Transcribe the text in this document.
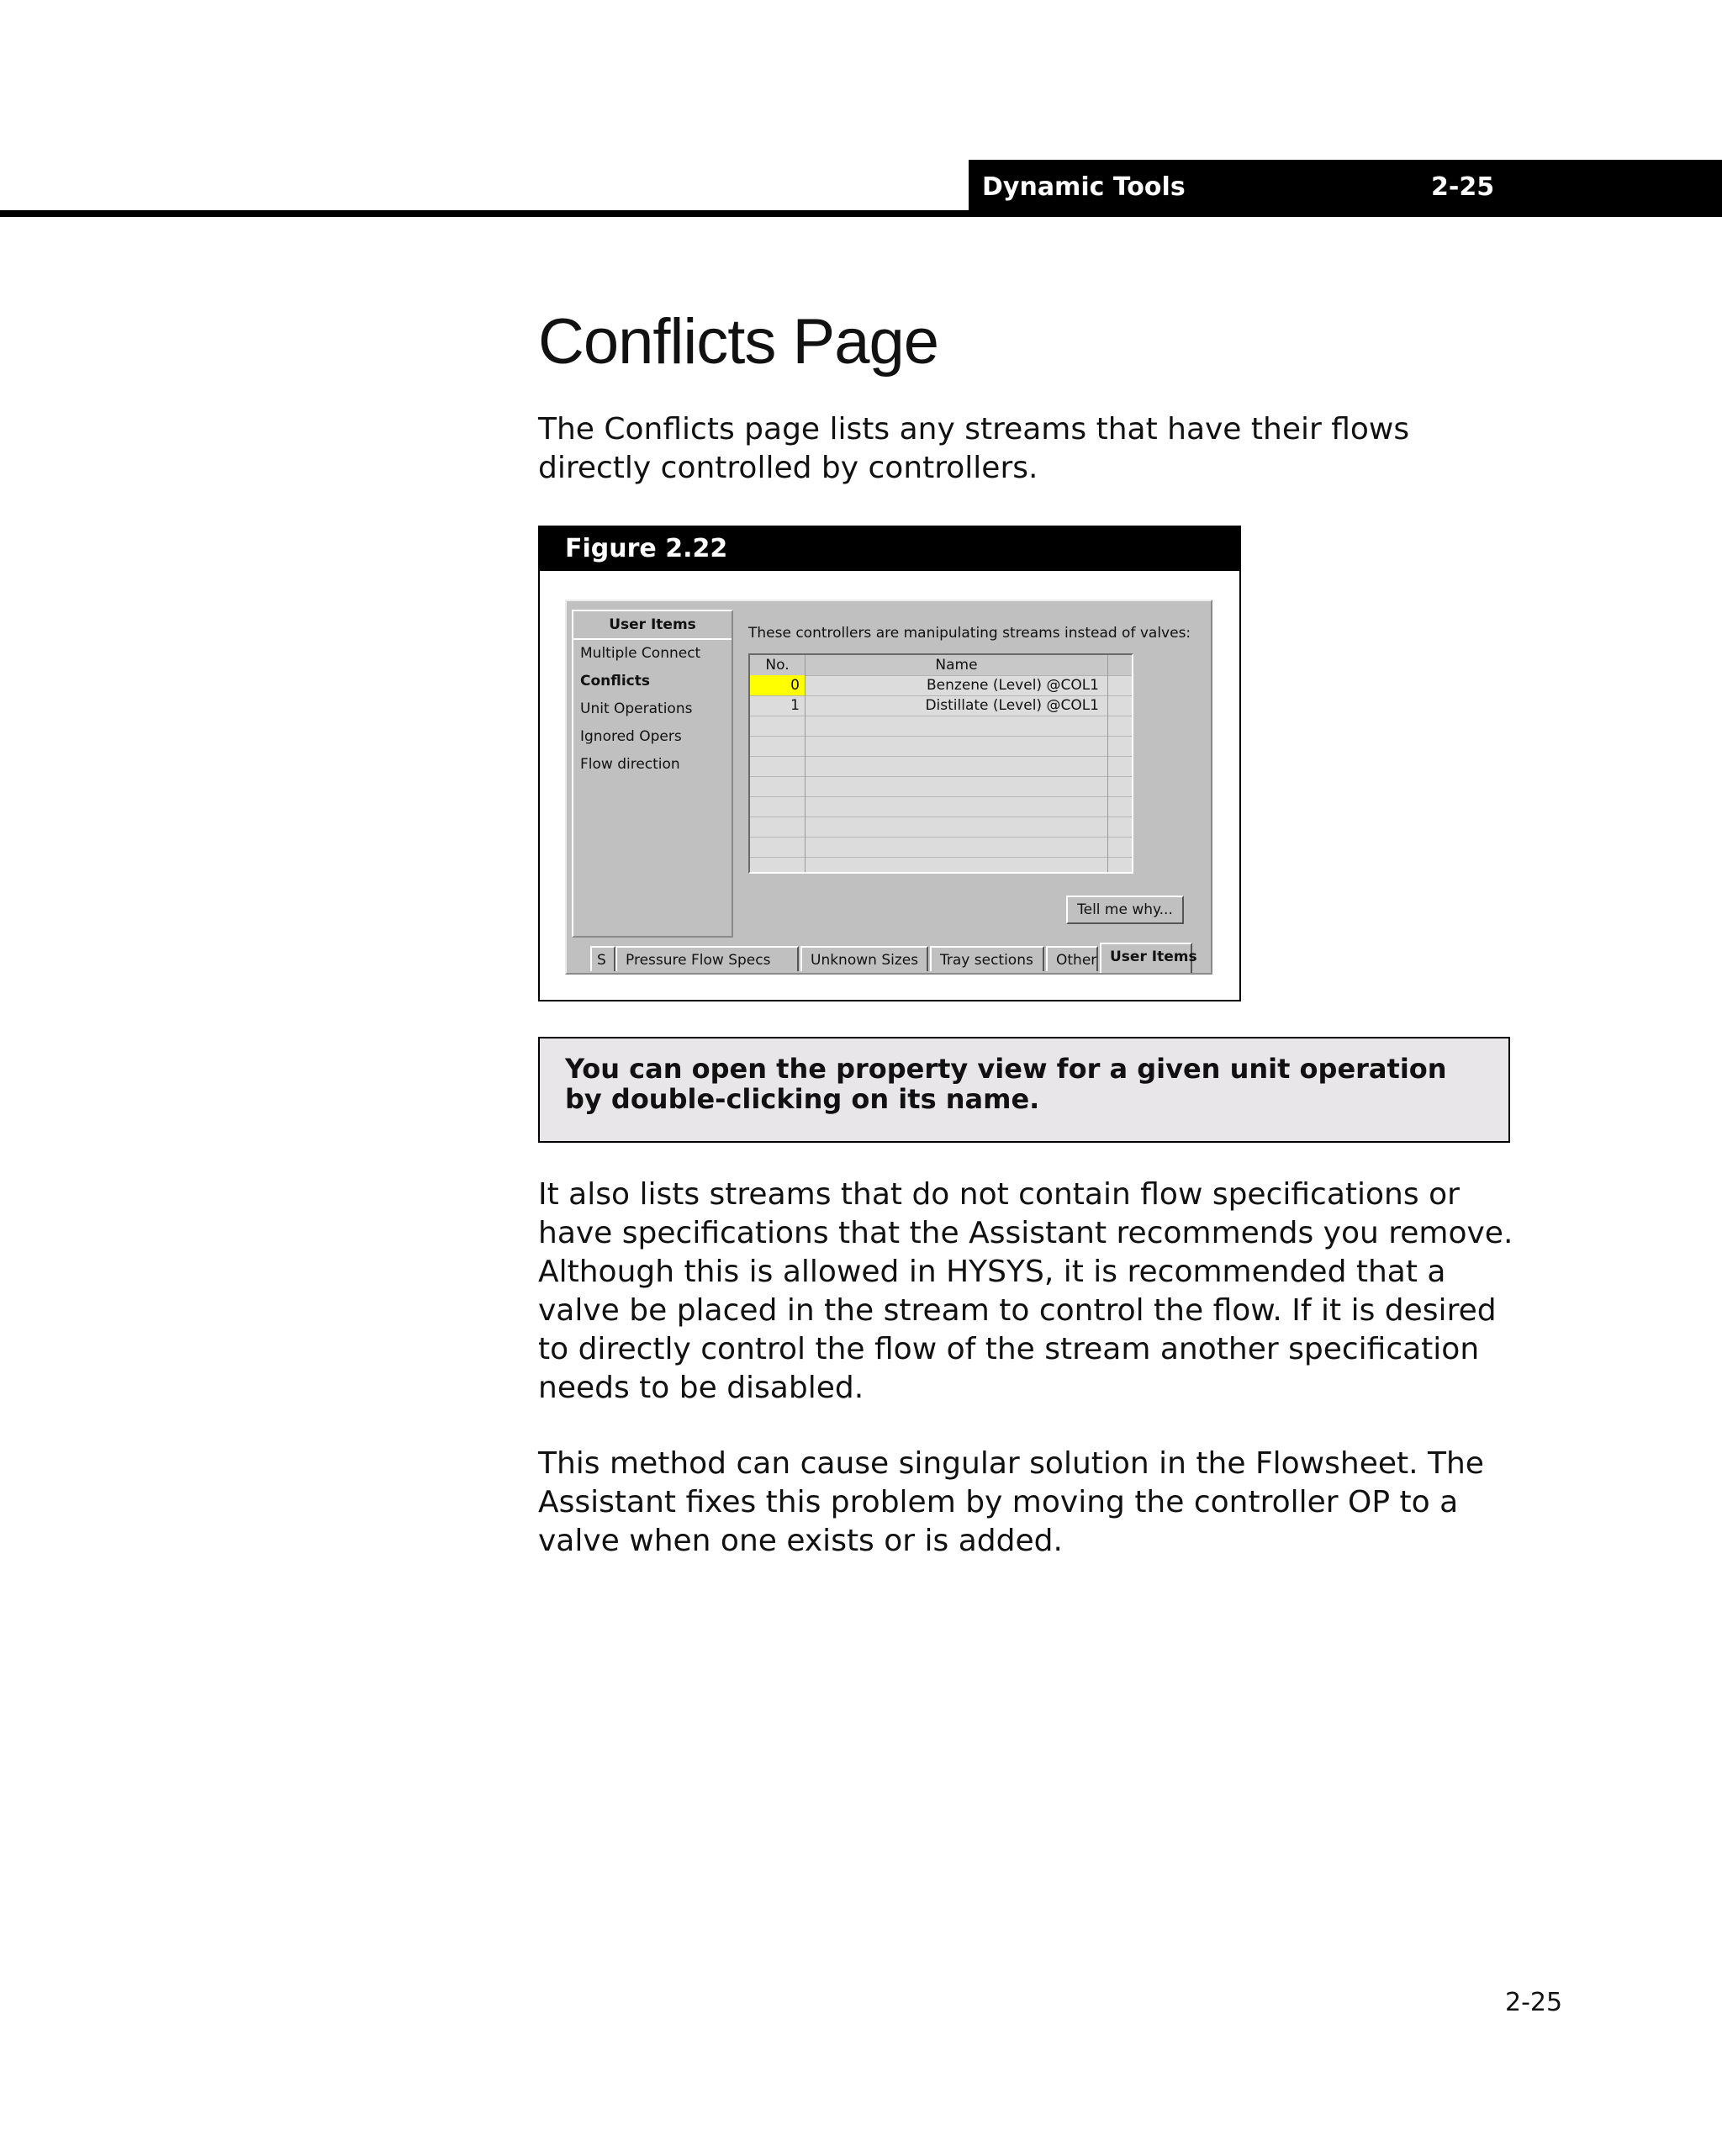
Dynamic Tools	2-25
Conflicts Page

The Conflicts page lists any streams that have their flows directly controlled by controllers.

Figure 2.22
User Items
Multiple Connect
Conflicts
Unit Operations
Ignored Opers
Flow direction
These controllers are manipulating streams instead of valves:
No.	Name
0	Benzene (Level) @COL1
1	Distillate (Level) @COL1
Tell me why...
S	Pressure Flow Specs	Unknown Sizes	Tray sections	Other User Items

You can open the property view for a given unit operation by double-clicking on its name.

It also lists streams that do not contain flow specifications or have specifications that the Assistant recommends you remove. Although this is allowed in HYSYS, it is recommended that a valve be placed in the stream to control the flow. If it is desired to directly control the flow of the stream another specification needs to be disabled.

This method can cause singular solution in the Flowsheet. The Assistant fixes this problem by moving the controller OP to a valve when one exists or is added.

2-25
